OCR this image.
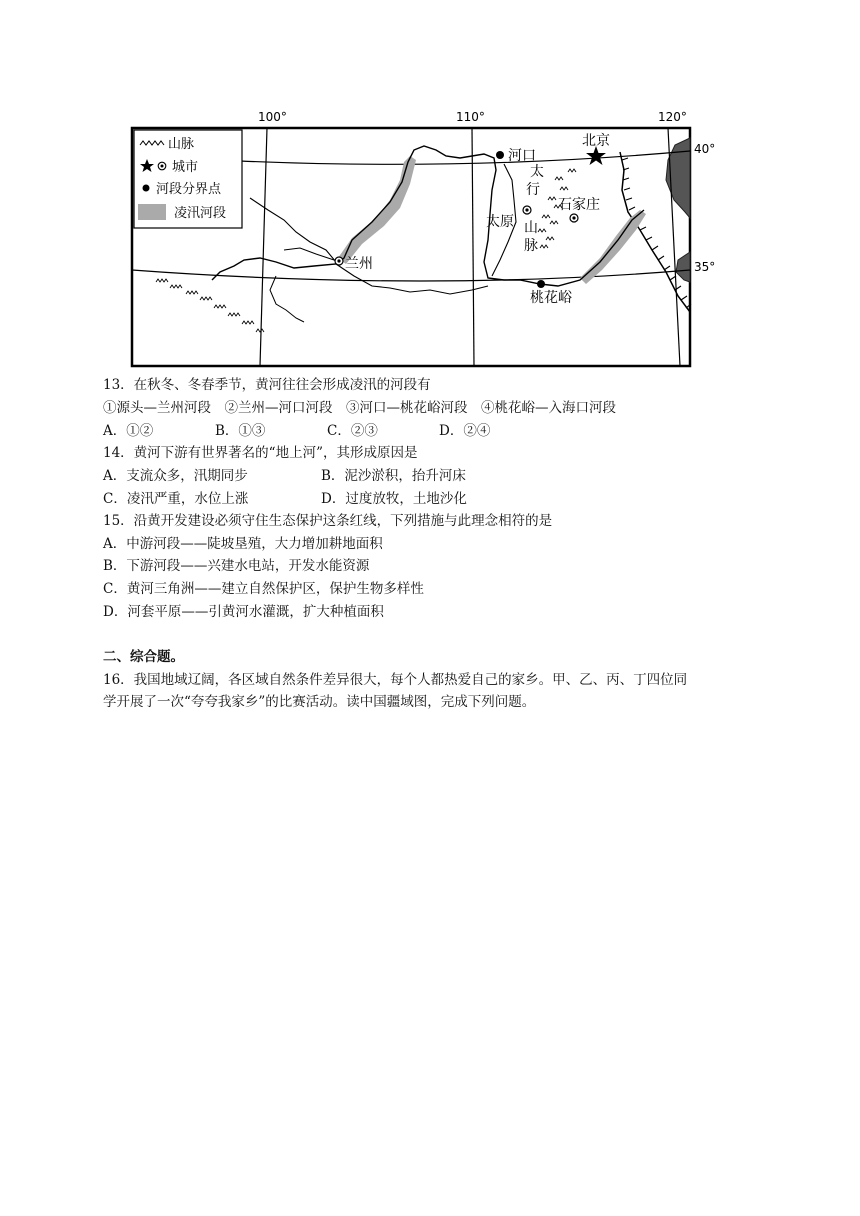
100°	110°	120°
40°
35°
河口
北京
兰州
太原
石家庄
桃花峪
太
行
山
脉
山脉
城市
河段分界点
凌汛河段
13．在秋冬、冬春季节，黄河往往会形成凌汛的河段有
①源头—兰州河段　②兰州—河口河段　③河口—桃花峪河段　④桃花峪—入海口河段
A．①②	B．①③	C．②③	D．②④
14．黄河下游有世界著名的“地上河”，其形成原因是
A．支流众多，汛期同步	B．泥沙淤积，抬升河床
C．凌汛严重，水位上涨	D．过度放牧，土地沙化
15．沿黄开发建设必须守住生态保护这条红线，下列措施与此理念相符的是
A．中游河段——陡坡垦殖，大力增加耕地面积
B．下游河段——兴建水电站，开发水能资源
C．黄河三角洲——建立自然保护区，保护生物多样性
D．河套平原——引黄河水灌溉，扩大种植面积
二、综合题。
16．我国地域辽阔，各区域自然条件差异很大，每个人都热爱自己的家乡。甲、乙、丙、丁四位同
学开展了一次“夸夸我家乡”的比赛活动。读中国疆域图，完成下列问题。
